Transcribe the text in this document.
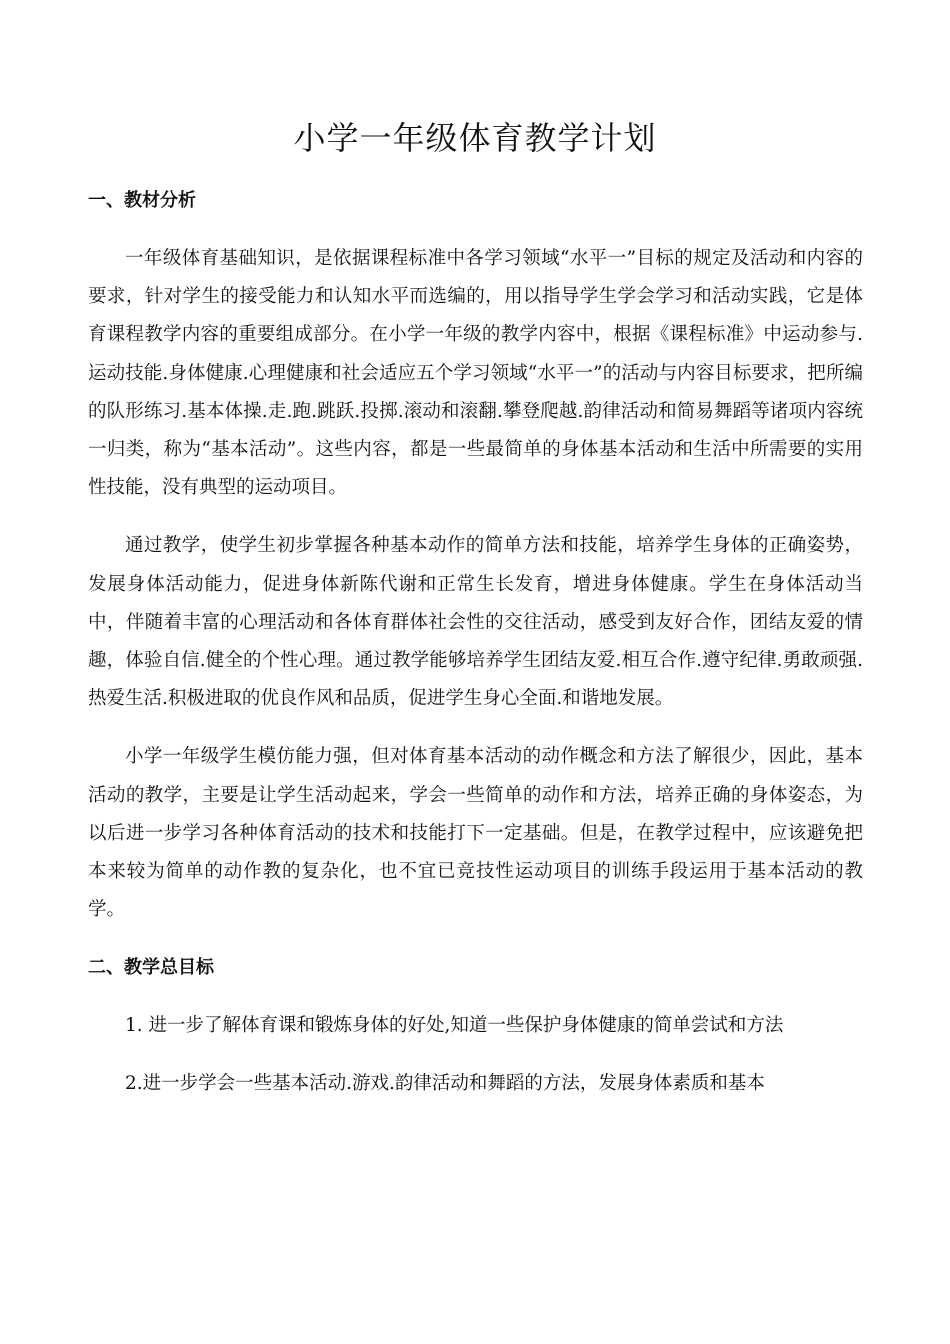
小学一年级体育教学计划
一、教材分析

一年级体育基础知识，是依据课程标准中各学习领域“水平一”目标的规定及活动和内容的要求，针对学生的接受能力和认知水平而选编的，用以指导学生学会学习和活动实践，它是体育课程教学内容的重要组成部分。在小学一年级的教学内容中，根据《课程标准》中运动参与.运动技能.身体健康.心理健康和社会适应五个学习领域“水平一”的活动与内容目标要求，把所编的队形练习.基本体操.走.跑.跳跃.投掷.滚动和滚翻.攀登爬越.韵律活动和简易舞蹈等诸项内容统一归类，称为“基本活动”。这些内容，都是一些最简单的身体基本活动和生活中所需要的实用性技能，没有典型的运动项目。

通过教学，使学生初步掌握各种基本动作的简单方法和技能，培养学生身体的正确姿势，发展身体活动能力，促进身体新陈代谢和正常生长发育，增进身体健康。学生在身体活动当中，伴随着丰富的心理活动和各体育群体社会性的交往活动，感受到友好合作，团结友爱的情趣，体验自信.健全的个性心理。通过教学能够培养学生团结友爱.相互合作.遵守纪律.勇敢顽强.热爱生活.积极进取的优良作风和品质，促进学生身心全面.和谐地发展。

小学一年级学生模仿能力强，但对体育基本活动的动作概念和方法了解很少，因此，基本活动的教学，主要是让学生活动起来，学会一些简单的动作和方法，培养正确的身体姿态，为以后进一步学习各种体育活动的技术和技能打下一定基础。但是，在教学过程中，应该避免把本来较为简单的动作教的复杂化，也不宜已竞技性运动项目的训练手段运用于基本活动的教学。

二、教学总目标

1. 进一步了解体育课和锻炼身体的好处,知道一些保护身体健康的简单尝试和方法

2.进一步学会一些基本活动.游戏.韵律活动和舞蹈的方法，发展身体素质和基本
